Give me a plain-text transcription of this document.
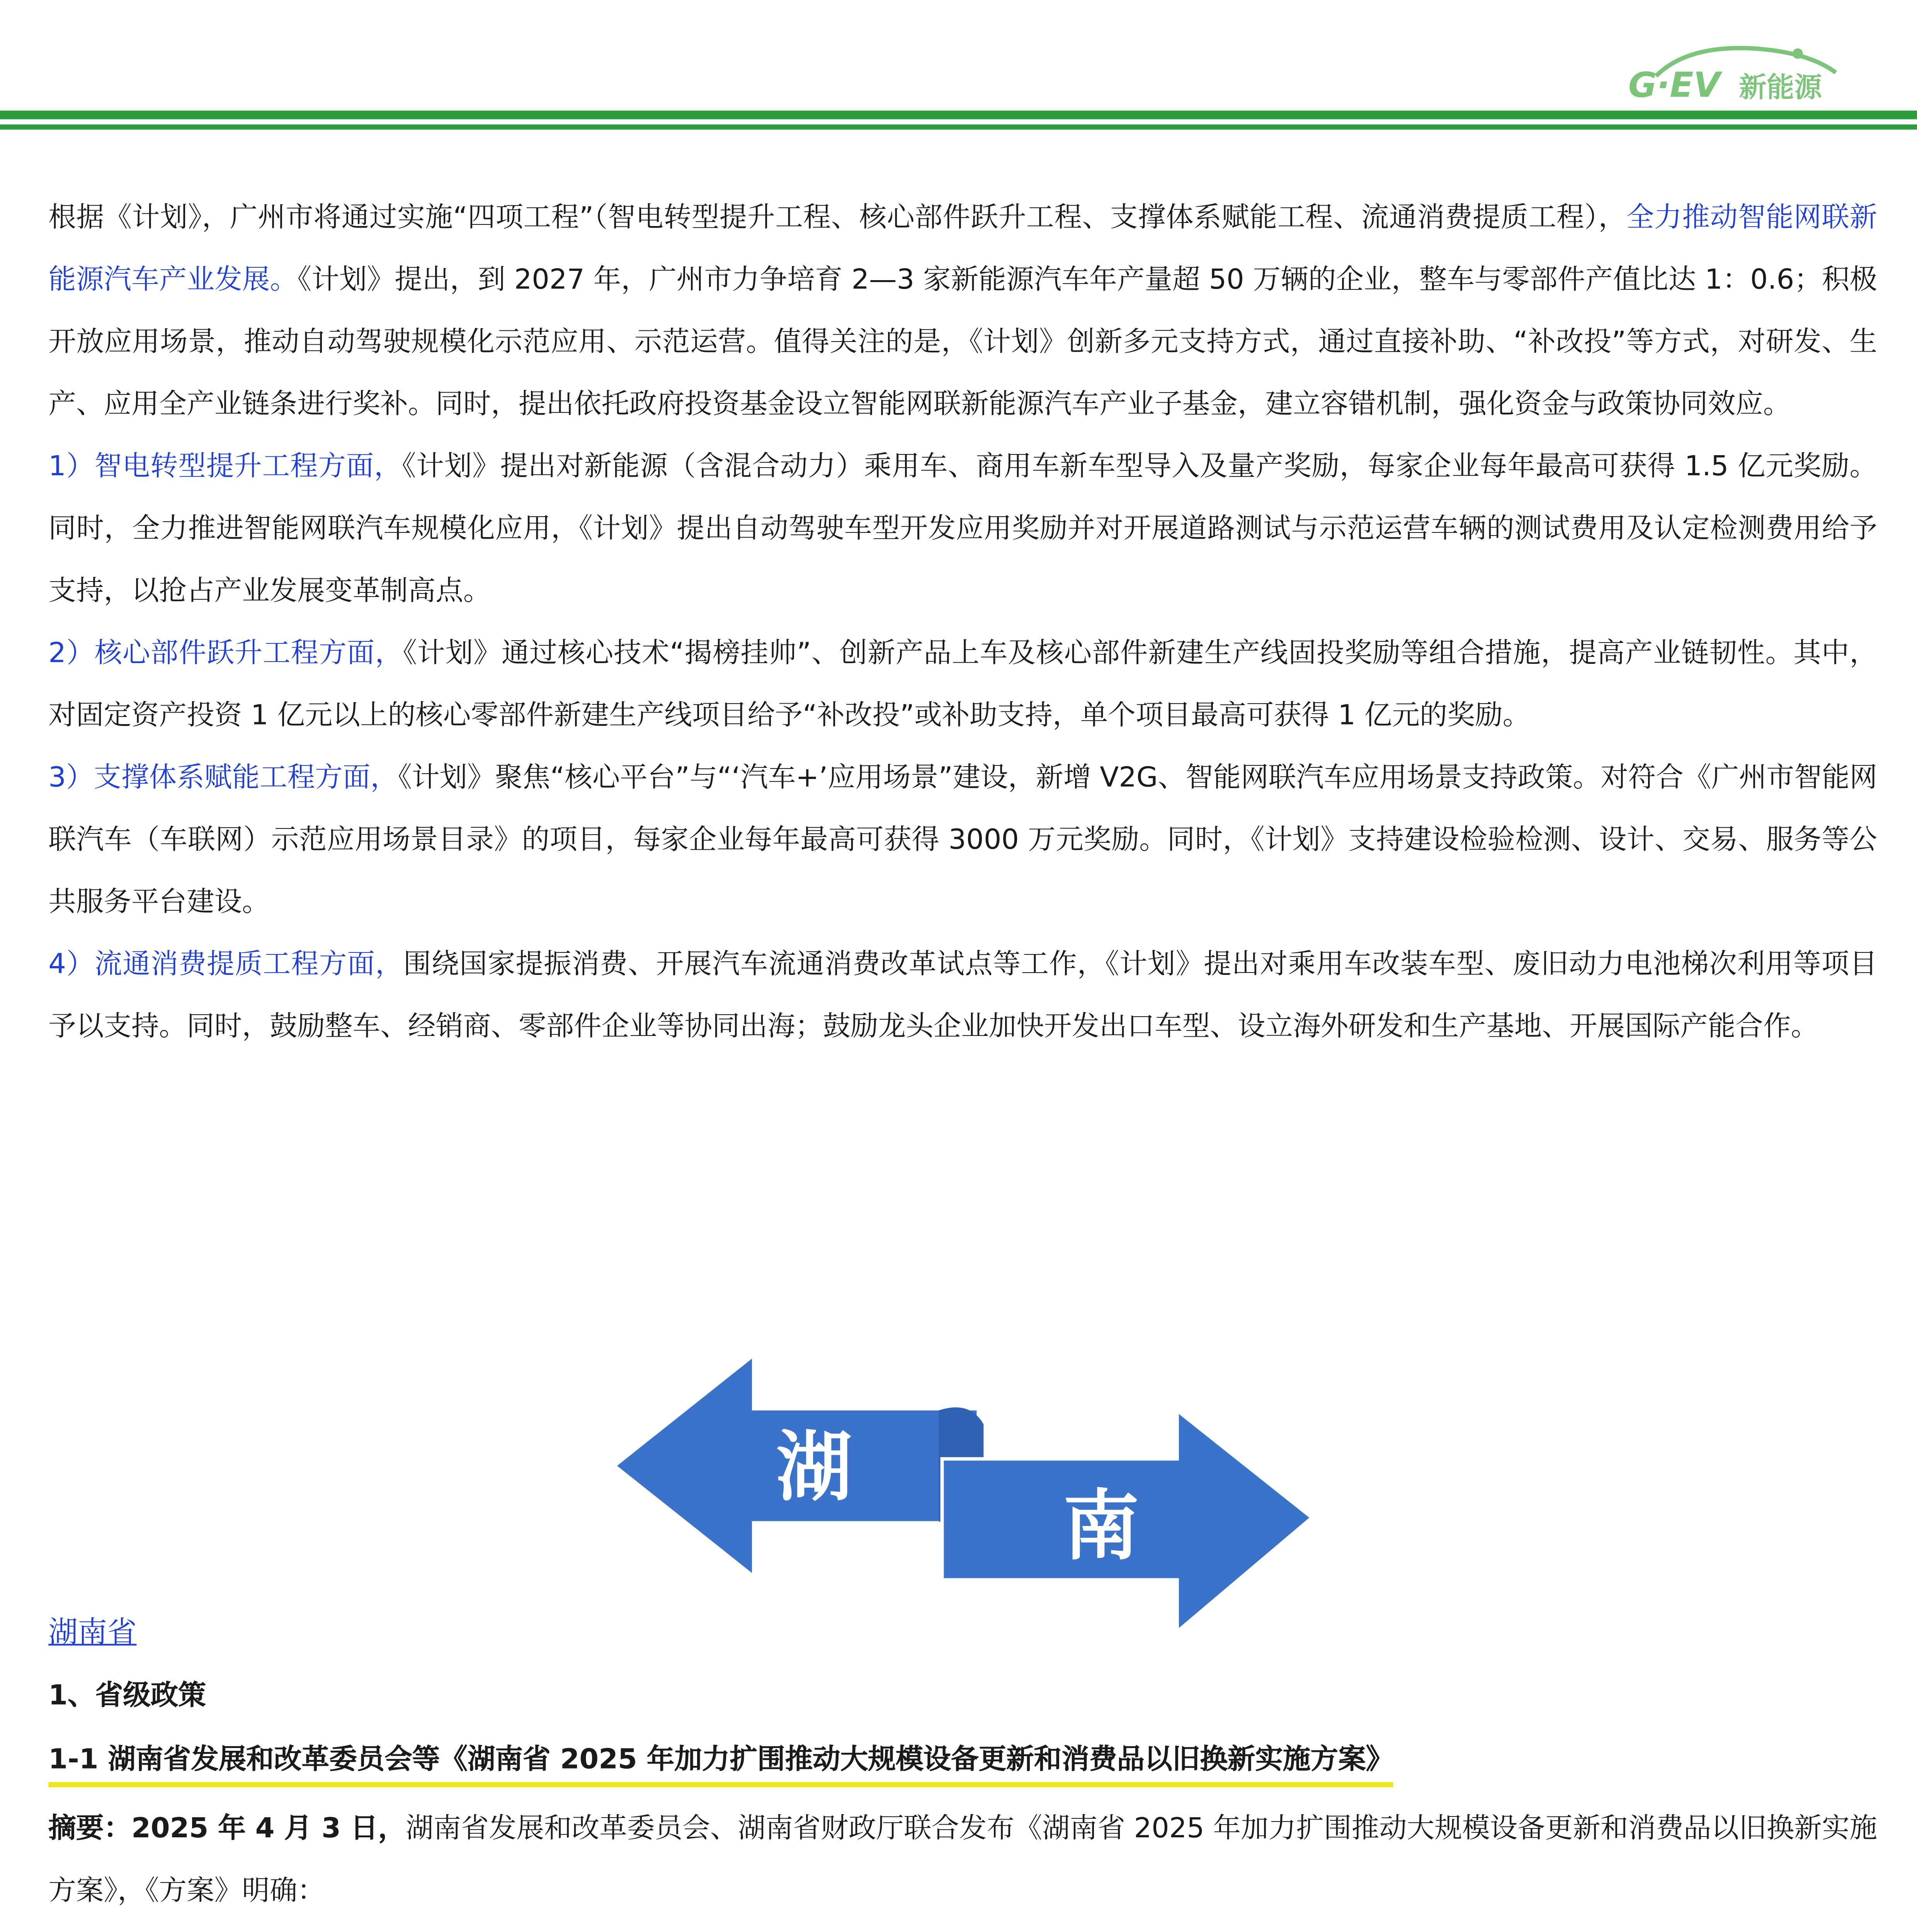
G·EV	新能源

根据《计划》，广州市将通过实施“四项工程”（智电转型提升工程、核心部件跃升工程、支撑体系赋能工程、流通消费提质工程），全力推动智能网联新能源汽车产业发展。《计划》提出，到 2027 年，广州市力争培育 2—3 家新能源汽车年产量超 50 万辆的企业，整车与零部件产值比达 1：0.6；积极开放应用场景，推动自动驾驶规模化示范应用、示范运营。值得关注的是，《计划》创新多元支持方式，通过直接补助、“补改投”等方式，对研发、生产、应用全产业链条进行奖补。同时，提出依托政府投资基金设立智能网联新能源汽车产业子基金，建立容错机制，强化资金与政策协同效应。

1）智电转型提升工程方面，《计划》提出对新能源（含混合动力）乘用车、商用车新车型导入及量产奖励，每家企业每年最高可获得 1.5 亿元奖励。同时，全力推进智能网联汽车规模化应用，《计划》提出自动驾驶车型开发应用奖励并对开展道路测试与示范运营车辆的测试费用及认定检测费用给予支持，以抢占产业发展变革制高点。

2）核心部件跃升工程方面，《计划》通过核心技术“揭榜挂帅”、创新产品上车及核心部件新建生产线固投奖励等组合措施，提高产业链韧性。其中，对固定资产投资 1 亿元以上的核心零部件新建生产线项目给予“补改投”或补助支持，单个项目最高可获得 1 亿元的奖励。

3）支撑体系赋能工程方面，《计划》聚焦“核心平台”与“‘汽车+’应用场景”建设，新增 V2G、智能网联汽车应用场景支持政策。对符合《广州市智能网联汽车（车联网）示范应用场景目录》的项目，每家企业每年最高可获得 3000 万元奖励。同时，《计划》支持建设检验检测、设计、交易、服务等公共服务平台建设。

4）流通消费提质工程方面，围绕国家提振消费、开展汽车流通消费改革试点等工作，《计划》提出对乘用车改装车型、废旧动力电池梯次利用等项目予以支持。同时，鼓励整车、经销商、零部件企业等协同出海；鼓励龙头企业加快开发出口车型、设立海外研发和生产基地、开展国际产能合作。

湖
南
湖南省
1、省级政策
1-1 湖南省发展和改革委员会等《湖南省 2025 年加力扩围推动大规模设备更新和消费品以旧换新实施方案》

摘要：2025 年 4 月 3 日，湖南省发展和改革委员会、湖南省财政厅联合发布《湖南省 2025 年加力扩围推动大规模设备更新和消费品以旧换新实施方案》，《方案》明确：
